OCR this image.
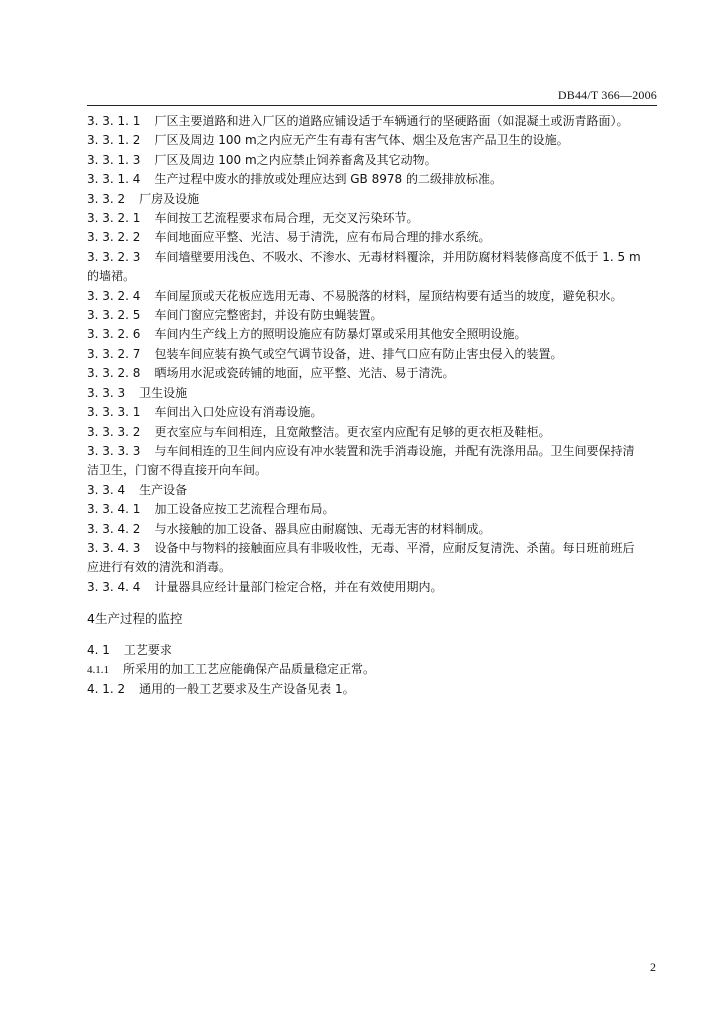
DB44/T 366—2006
3. 3. 1. 1 厂区主要道路和进入厂区的道路应铺设适于车辆通行的坚硬路面（如混凝土或沥青路面）。
3. 3. 1. 2 厂区及周边 100 m之内应无产生有毒有害气体、烟尘及危害产品卫生的设施。
3. 3. 1. 3 厂区及周边 100 m之内应禁止饲养畜禽及其它动物。
3. 3. 1. 4 生产过程中废水的排放或处理应达到 GB 8978 的二级排放标准。
3. 3. 2 厂房及设施
3. 3. 2. 1 车间按工艺流程要求布局合理，无交叉污染环节。
3. 3. 2. 2 车间地面应平整、光洁、易于清洗，应有布局合理的排水系统。
3. 3. 2. 3 车间墙壁要用浅色、不吸水、不渗水、无毒材料覆涂，并用防腐材料装修高度不低于 1. 5 m
的墙裙。
3. 3. 2. 4 车间屋顶或天花板应选用无毒、不易脱落的材料，屋顶结构要有适当的坡度，避免积水。
3. 3. 2. 5 车间门窗应完整密封，并设有防虫蝇装置。
3. 3. 2. 6 车间内生产线上方的照明设施应有防暴灯罩或采用其他安全照明设施。
3. 3. 2. 7 包装车间应装有换气或空气调节设备，进、排气口应有防止害虫侵入的装置。
3. 3. 2. 8 晒场用水泥或瓷砖铺的地面，应平整、光洁、易于清洗。
3. 3. 3 卫生设施
3. 3. 3. 1 车间出入口处应设有消毒设施。
3. 3. 3. 2 更衣室应与车间相连，且宽敞整洁。更衣室内应配有足够的更衣柜及鞋柜。
3. 3. 3. 3 与车间相连的卫生间内应设有冲水装置和洗手消毒设施，并配有洗涤用品。卫生间要保持清
洁卫生，门窗不得直接开向车间。
3. 3. 4 生产设备
3. 3. 4. 1 加工设备应按工艺流程合理布局。
3. 3. 4. 2 与水接触的加工设备、器具应由耐腐蚀、无毒无害的材料制成。
3. 3. 4. 3 设备中与物料的接触面应具有非吸收性，无毒、平滑，应耐反复清洗、杀菌。每日班前班后
应进行有效的清洗和消毒。
3. 3. 4. 4 计量器具应经计量部门检定合格，并在有效使用期内。
4生产过程的监控
4. 1 工艺要求
4.1.1 所采用的加工工艺应能确保产品质量稳定正常。
4. 1. 2 通用的一般工艺要求及生产设备见表 1。
2
